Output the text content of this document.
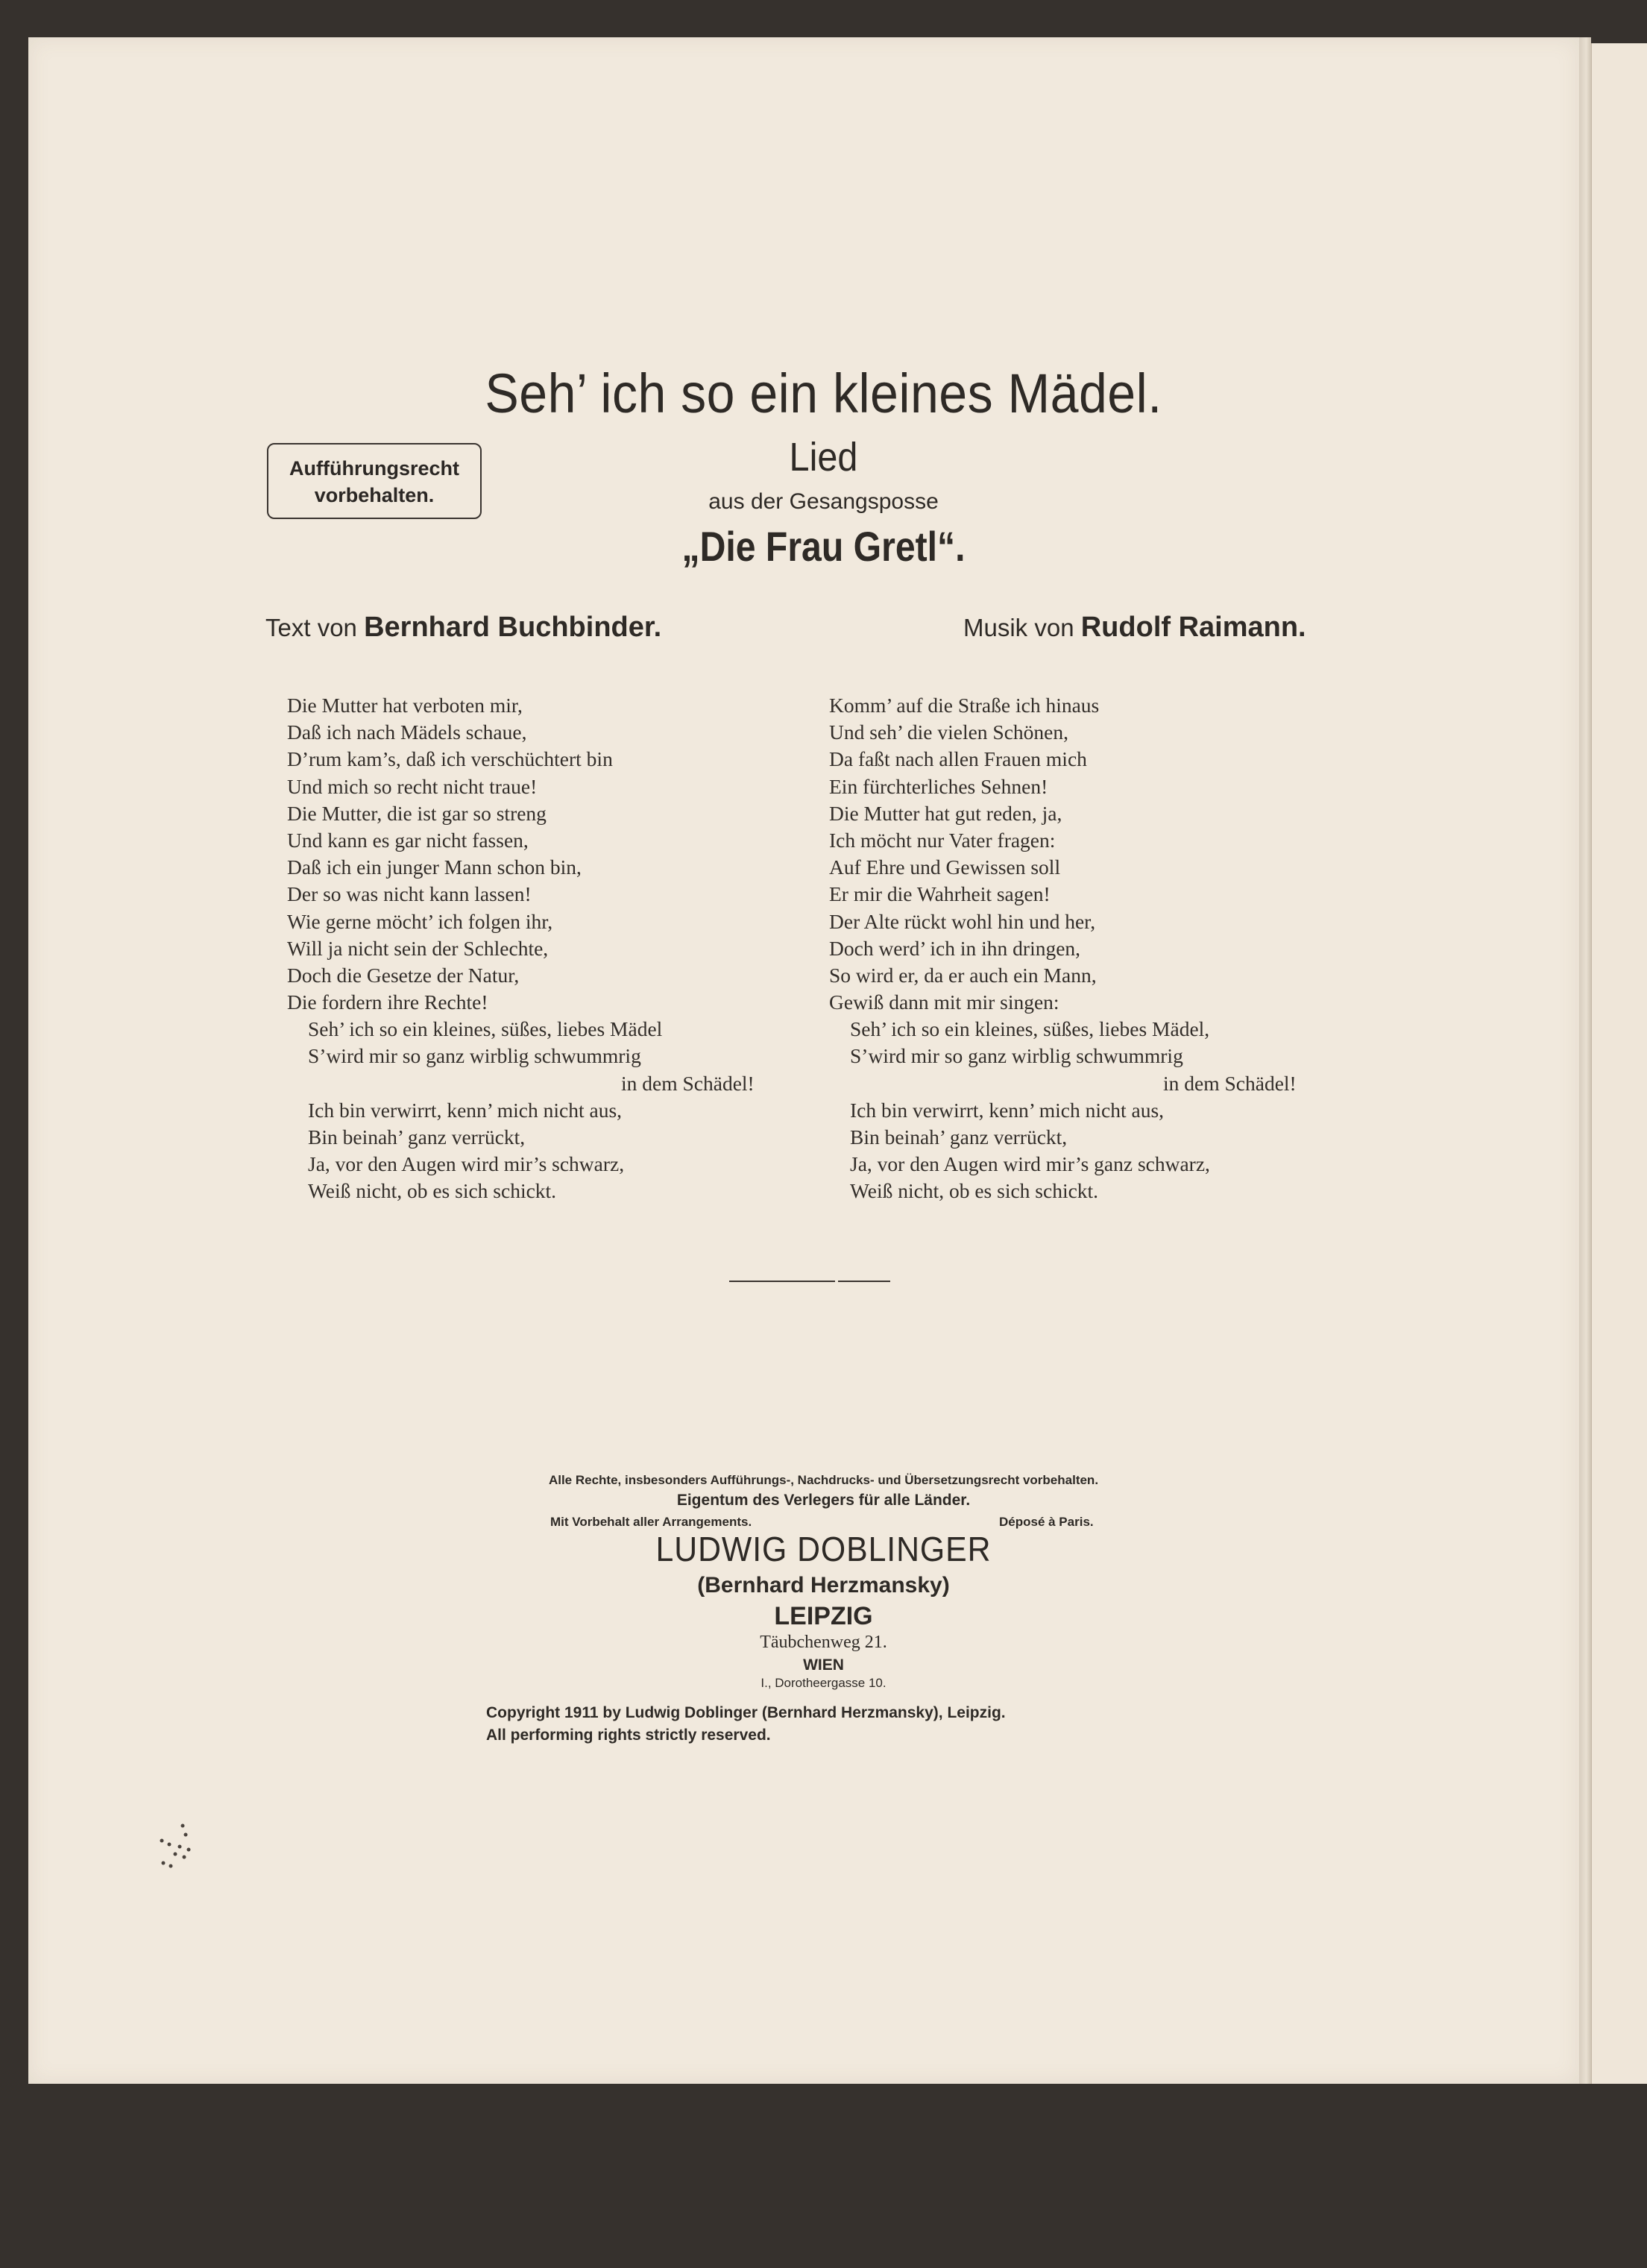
Seh’ ich so ein kleines Mädel.
Lied
aus der Gesangsposse
„Die Frau Gretl“.
Aufführungsrecht
vorbehalten.
Text von Bernhard Buchbinder.	Musik von Rudolf Raimann.
Die Mutter hat verboten mir,
Daß ich nach Mädels schaue,
D’rum kam’s, daß ich verschüchtert bin
Und mich so recht nicht traue!
Die Mutter, die ist gar so streng
Und kann es gar nicht fassen,
Daß ich ein junger Mann schon bin,
Der so was nicht kann lassen!
Wie gerne möcht’ ich folgen ihr,
Will ja nicht sein der Schlechte,
Doch die Gesetze der Natur,
Die fordern ihre Rechte!
Seh’ ich so ein kleines, süßes, liebes Mädel
S’wird mir so ganz wirblig schwummrig
in dem Schädel!
Ich bin verwirrt, kenn’ mich nicht aus,
Bin beinah’ ganz verrückt,
Ja, vor den Augen wird mir’s schwarz,
Weiß nicht, ob es sich schickt.
Komm’ auf die Straße ich hinaus
Und seh’ die vielen Schönen,
Da faßt nach allen Frauen mich
Ein fürchterliches Sehnen!
Die Mutter hat gut reden, ja,
Ich möcht nur Vater fragen:
Auf Ehre und Gewissen soll
Er mir die Wahrheit sagen!
Der Alte rückt wohl hin und her,
Doch werd’ ich in ihn dringen,
So wird er, da er auch ein Mann,
Gewiß dann mit mir singen:
Seh’ ich so ein kleines, süßes, liebes Mädel,
S’wird mir so ganz wirblig schwummrig
in dem Schädel!
Ich bin verwirrt, kenn’ mich nicht aus,
Bin beinah’ ganz verrückt,
Ja, vor den Augen wird mir’s ganz schwarz,
Weiß nicht, ob es sich schickt.
Alle Rechte, insbesonders Aufführungs-, Nachdrucks- und Übersetzungsrecht vorbehalten.
Eigentum des Verlegers für alle Länder.
Mit Vorbehalt aller Arrangements.	Déposé à Paris.
LUDWIG DOBLINGER
(Bernhard Herzmansky)
LEIPZIG
Täubchenweg 21.
WIEN
I., Dorotheergasse 10.
Copyright 1911 by Ludwig Doblinger (Bernhard Herzmansky), Leipzig.
All performing rights strictly reserved.
